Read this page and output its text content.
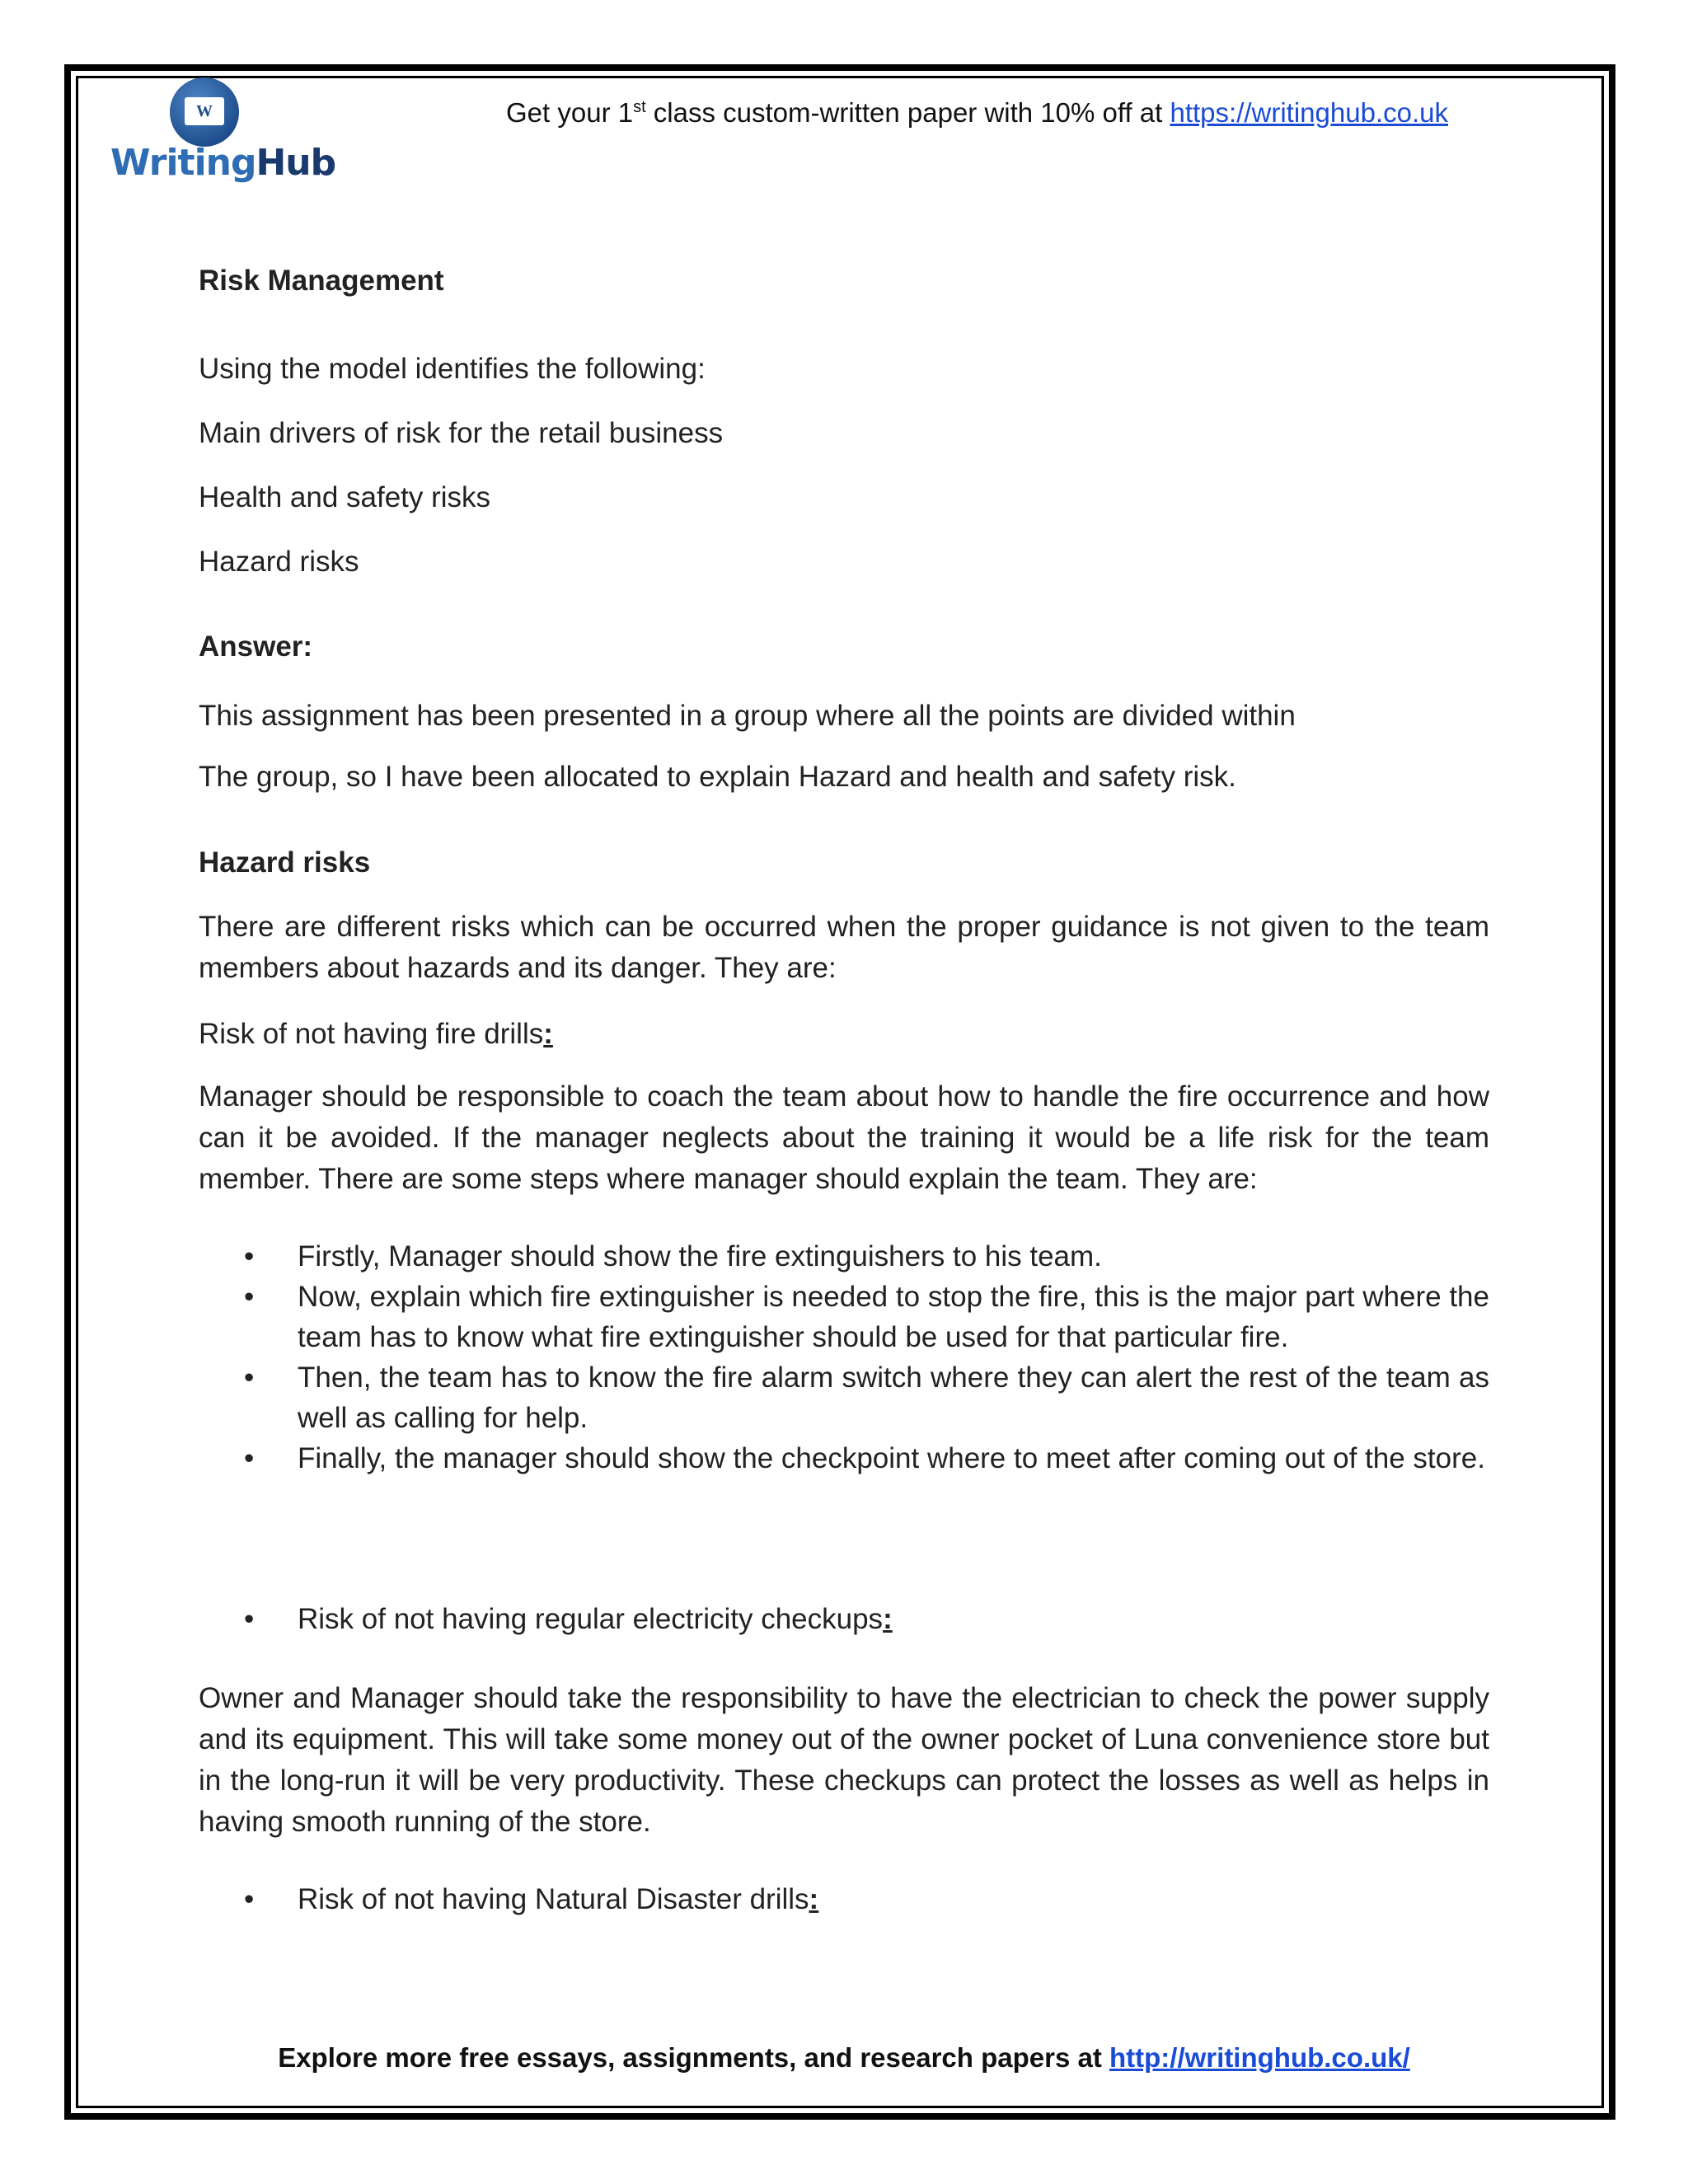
W
WritingHub
Get your 1st class custom-written paper with 10% off at https://writinghub.co.uk
Risk Management
Using the model identifies the following:
Main drivers of risk for the retail business
Health and safety risks
Hazard risks
Answer:
This assignment has been presented in a group where all the points are divided within
The group, so I have been allocated to explain Hazard and health and safety risk.
Hazard risks
There are different risks which can be occurred when the proper guidance is not given to the team members about hazards and its danger. They are:
Risk of not having fire drills:
Manager should be responsible to coach the team about how to handle the fire occurrence and how can it be avoided. If the manager neglects about the training it would be a life risk for the team member. There are some steps where manager should explain the team. They are:
• Firstly, Manager should show the fire extinguishers to his team.
• Now, explain which fire extinguisher is needed to stop the fire, this is the major part where the team has to know what fire extinguisher should be used for that particular fire.
• Then, the team has to know the fire alarm switch where they can alert the rest of the team as well as calling for help.
• Finally, the manager should show the checkpoint where to meet after coming out of the store.
• Risk of not having regular electricity checkups:
Owner and Manager should take the responsibility to have the electrician to check the power supply and its equipment. This will take some money out of the owner pocket of Luna convenience store but in the long-run it will be very productivity. These checkups can protect the losses as well as helps in having smooth running of the store.
• Risk of not having Natural Disaster drills:
Explore more free essays, assignments, and research papers at http://writinghub.co.uk/
